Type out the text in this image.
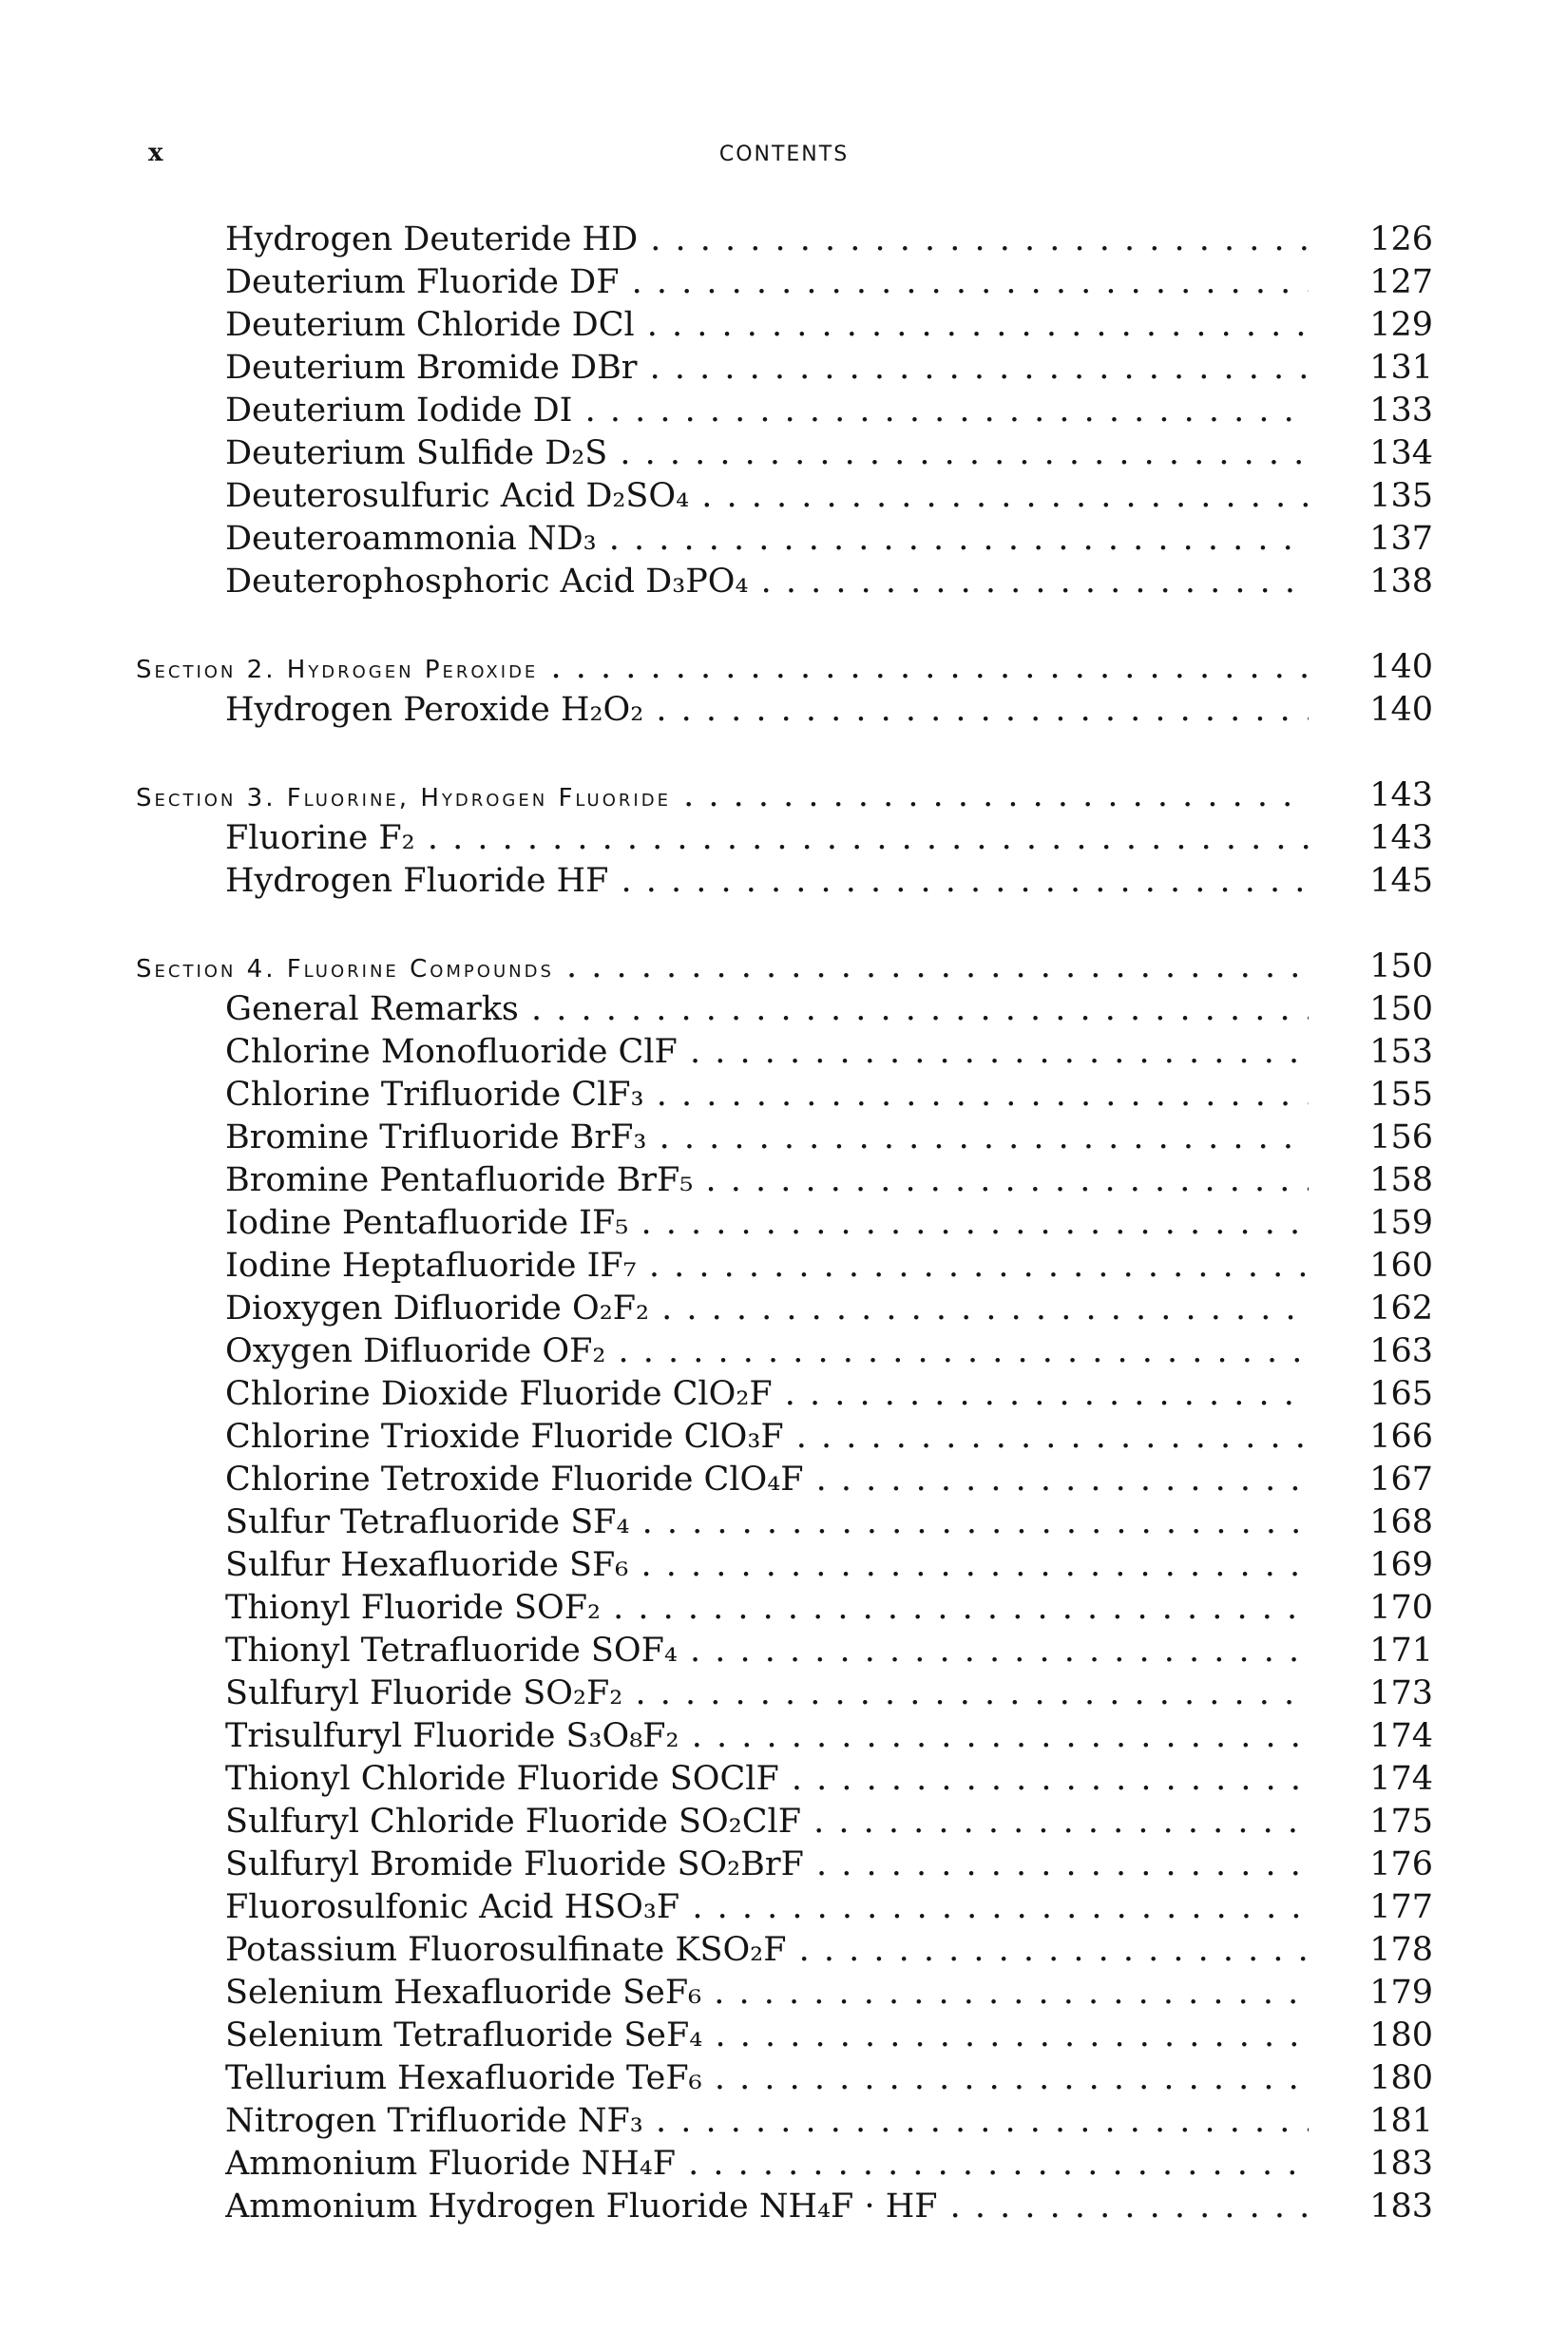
x	CONTENTS
Hydrogen Deuteride HD . . .	126
Deuterium Fluoride DF . . .	127
Deuterium Chloride DCl . . .	129
Deuterium Bromide DBr . . .	131
Deuterium Iodide DI . . .	133
Deuterium Sulfide D₂S . . .	134
Deuterosulfuric Acid D₂SO₄ . . .	135
Deuteroammonia ND₃ . . .	137
Deuterophosphoric Acid D₃PO₄ . . .	138
Section 2. Hydrogen Peroxide . . .	140
Hydrogen Peroxide H₂O₂ . . .	140
Section 3. Fluorine, Hydrogen Fluoride . . .	143
Fluorine F₂ . . .	143
Hydrogen Fluoride HF . . .	145
Section 4. Fluorine Compounds . . .	150
General Remarks . . .	150
Chlorine Monofluoride ClF . . .	153
Chlorine Trifluoride ClF₃ . . .	155
Bromine Trifluoride BrF₃ . . .	156
Bromine Pentafluoride BrF₅ . . .	158
Iodine Pentafluoride IF₅ . . .	159
Iodine Heptafluoride IF₇ . . .	160
Dioxygen Difluoride O₂F₂ . . .	162
Oxygen Difluoride OF₂ . . .	163
Chlorine Dioxide Fluoride ClO₂F . . .	165
Chlorine Trioxide Fluoride ClO₃F . . .	166
Chlorine Tetroxide Fluoride ClO₄F . . .	167
Sulfur Tetrafluoride SF₄ . . .	168
Sulfur Hexafluoride SF₆ . . .	169
Thionyl Fluoride SOF₂ . . .	170
Thionyl Tetrafluoride SOF₄ . . .	171
Sulfuryl Fluoride SO₂F₂ . . .	173
Trisulfuryl Fluoride S₃O₈F₂ . . .	174
Thionyl Chloride Fluoride SOClF . . .	174
Sulfuryl Chloride Fluoride SO₂ClF . . .	175
Sulfuryl Bromide Fluoride SO₂BrF . . .	176
Fluorosulfonic Acid HSO₃F . . .	177
Potassium Fluorosulfinate KSO₂F . . .	178
Selenium Hexafluoride SeF₆ . . .	179
Selenium Tetrafluoride SeF₄ . . .	180
Tellurium Hexafluoride TeF₆ . . .	180
Nitrogen Trifluoride NF₃ . . .	181
Ammonium Fluoride NH₄F . . .	183
Ammonium Hydrogen Fluoride NH₄F · HF . . .	183
